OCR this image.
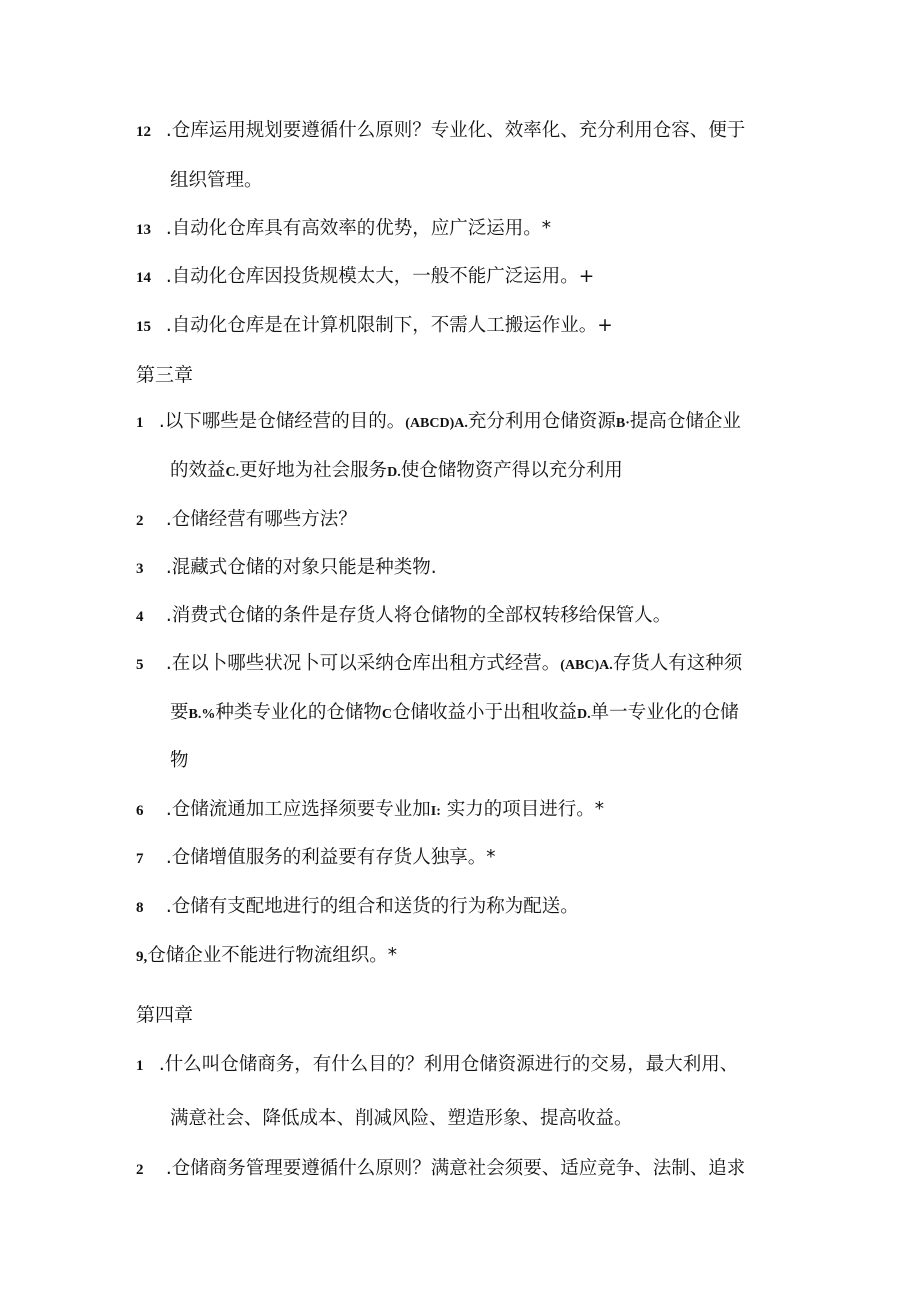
12 .仓库运用规划要遵循什么原则？专业化、效率化、充分利用仓容、便于
组织管理。
13 .自动化仓库具有高效率的优势，应广泛运用。*
14 .自动化仓库因投货规模太大，一般不能广泛运用。+
15 .自动化仓库是在计算机限制下，不需人工搬运作业。+
第三章
1 .以下哪些是仓储经营的目的。(ABCD)A.充分利用仓储资源B·提高仓储企业
的效益C.更好地为社会服务D.使仓储物资产得以充分利用
2 .仓储经营有哪些方法？
3 .混藏式仓储的对象只能是种类物.
4 .消费式仓储的条件是存货人将仓储物的全部权转移给保管人。
5 .在以卜哪些状况卜可以采纳仓库出租方式经营。(ABC)A.存货人有这种须
要B.%种类专业化的仓储物C仓储收益小于出租收益D.单一专业化的仓储
物
6 .仓储流通加工应选择须要专业加I: 实力的项目进行。*
7 .仓储增值服务的利益要有存货人独享。*
8 .仓储有支配地进行的组合和送货的行为称为配送。
9,仓储企业不能进行物流组织。*
第四章
1 .什么叫仓储商务，有什么目的？利用仓储资源进行的交易，最大利用、
满意社会、降低成本、削减风险、塑造形象、提高收益。
2 .仓储商务管理要遵循什么原则？满意社会须要、适应竞争、法制、追求
